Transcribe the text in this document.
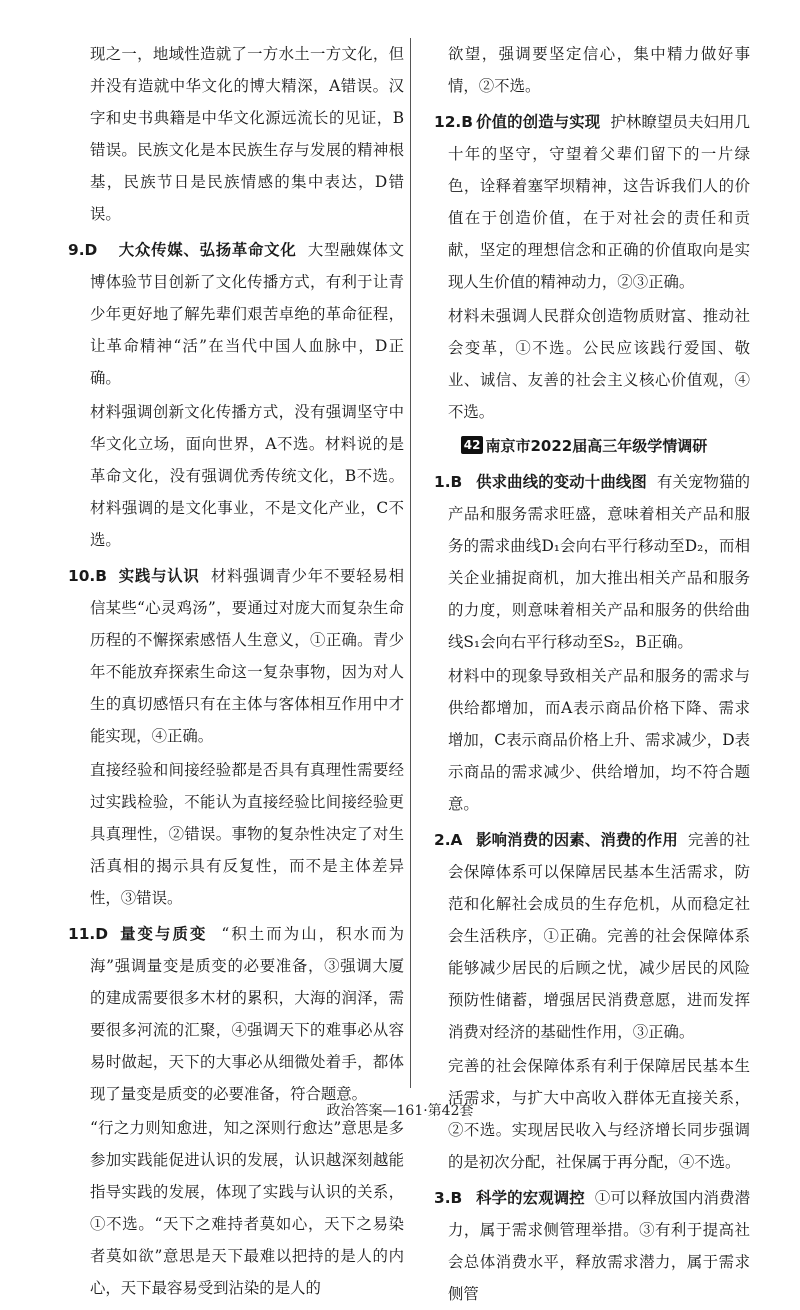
现之一，地域性造就了一方水土一方文化，但并没有造就中华文化的博大精深，A错误。汉字和史书典籍是中华文化源远流长的见证，B错误。民族文化是本民族生存与发展的精神根基，民族节日是民族情感的集中表达，D错误。

9.D 大众传媒、弘扬革命文化 大型融媒体文博体验节目创新了文化传播方式，有利于让青少年更好地了解先辈们艰苦卓绝的革命征程，让革命精神“活”在当代中国人血脉中，D正确。

材料强调创新文化传播方式，没有强调坚守中华文化立场，面向世界，A不选。材料说的是革命文化，没有强调优秀传统文化，B不选。材料强调的是文化事业，不是文化产业，C不选。

10.B 实践与认识 材料强调青少年不要轻易相信某些“心灵鸡汤”，要通过对庞大而复杂生命历程的不懈探索感悟人生意义，①正确。青少年不能放弃探索生命这一复杂事物，因为对人生的真切感悟只有在主体与客体相互作用中才能实现，④正确。

直接经验和间接经验都是否具有真理性需要经过实践检验，不能认为直接经验比间接经验更具真理性，②错误。事物的复杂性决定了对生活真相的揭示具有反复性，而不是主体差异性，③错误。

11.D 量变与质变 “积土而为山，积水而为海”强调量变是质变的必要准备，③强调大厦的建成需要很多木材的累积，大海的润泽，需要很多河流的汇聚，④强调天下的难事必从容易时做起，天下的大事必从细微处着手，都体现了量变是质变的必要准备，符合题意。

“行之力则知愈进，知之深则行愈达”意思是多参加实践能促进认识的发展，认识越深刻越能指导实践的发展，体现了实践与认识的关系，①不选。“天下之难持者莫如心，天下之易染者莫如欲”意思是天下最难以把持的是人的内心，天下最容易受到沾染的是人的

欲望，强调要坚定信心，集中精力做好事情，②不选。

12.B 价值的创造与实现 护林瞭望员夫妇用几十年的坚守，守望着父辈们留下的一片绿色，诠释着塞罕坝精神，这告诉我们人的价值在于创造价值，在于对社会的责任和贡献，坚定的理想信念和正确的价值取向是实现人生价值的精神动力，②③正确。

材料未强调人民群众创造物质财富、推动社会变革，①不选。公民应该践行爱国、敬业、诚信、友善的社会主义核心价值观，④不选。

42 南京市2022届高三年级学情调研

1.B 供求曲线的变动十曲线图 有关宠物猫的产品和服务需求旺盛，意味着相关产品和服务的需求曲线D₁会向右平行移动至D₂，而相关企业捕捉商机，加大推出相关产品和服务的力度，则意味着相关产品和服务的供给曲线S₁会向右平行移动至S₂，B正确。

材料中的现象导致相关产品和服务的需求与供给都增加，而A表示商品价格下降、需求增加，C表示商品价格上升、需求减少，D表示商品的需求减少、供给增加，均不符合题意。

2.A 影响消费的因素、消费的作用 完善的社会保障体系可以保障居民基本生活需求，防范和化解社会成员的生存危机，从而稳定社会生活秩序，①正确。完善的社会保障体系能够减少居民的后顾之忧，减少居民的风险预防性储蓄，增强居民消费意愿，进而发挥消费对经济的基础性作用，③正确。

完善的社会保障体系有利于保障居民基本生活需求，与扩大中高收入群体无直接关系，②不选。实现居民收入与经济增长同步强调的是初次分配，社保属于再分配，④不选。

3.B 科学的宏观调控 ①可以释放国内消费潜力，属于需求侧管理举措。③有利于提高社会总体消费水平，释放需求潜力，属于需求侧管

政治答案—161·第42套
